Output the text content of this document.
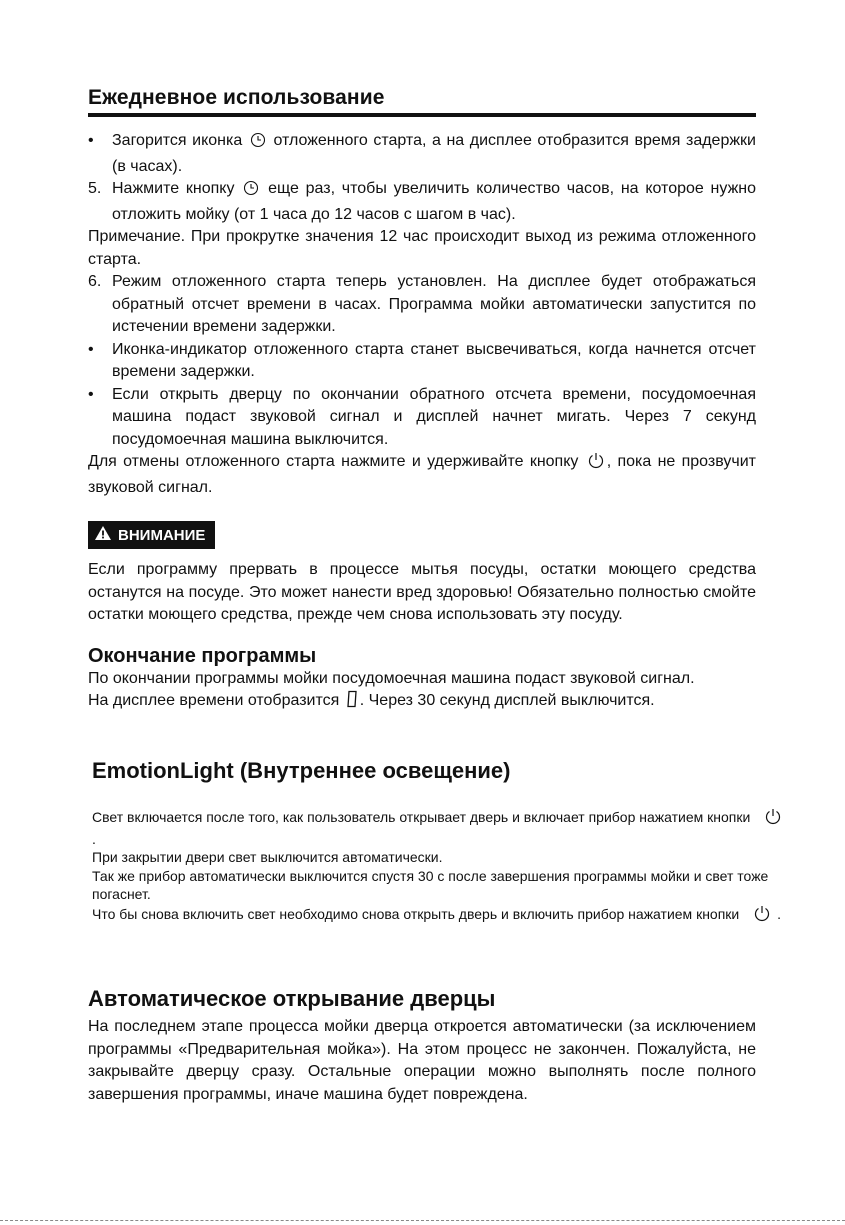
Ежедневное использование
•	Загорится иконка отложенного старта, а на дисплее отобразится время задержки (в часах).
5. Нажмите кнопку еще раз, чтобы увеличить количество часов, на которое нужно отложить мойку (от 1 часа до 12 часов с шагом в час).

Примечание. При прокрутке значения 12 час происходит выход из режима отложенного старта.

6. Режим отложенного старта теперь установлен. На дисплее будет отображаться обратный отсчет времени в часах. Программа мойки автоматически запустится по истечении времени задержки.
•	Иконка-индикатор отложенного старта станет высвечиваться, когда начнется отсчет времени задержки.
•	Если открыть дверцу по окончании обратного отсчета времени, посудомоечная машина подаст звуковой сигнал и дисплей начнет мигать. Через 7 секунд посудомоечная машина выключится.

Для отмены отложенного старта нажмите и удерживайте кнопку , пока не прозвучит звуковой сигнал.

ВНИМАНИЕ

Если программу прервать в процессе мытья посуды, остатки моющего средства останутся на посуде. Это может нанести вред здоровью! Обязательно полностью смойте остатки моющего средства, прежде чем снова использовать эту посуду.

Окончание программы

По окончании программы мойки посудомоечная машина подаст звуковой сигнал.

На дисплее времени отобразится . Через 30 секунд дисплей выключится.

EmotionLight (Внутреннее освещение)

Свет включается после того, как пользователь открывает дверь и включает прибор нажатием кнопки .

При закрытии двери свет выключится автоматически.

Так же прибор автоматически выключится спустя 30 с после завершения программы мойки и свет тоже погаснет.

Что бы снова включить свет необходимо снова открыть дверь и включить прибор нажатием кнопки	.

Автоматическое открывание дверцы

На последнем этапе процесса мойки дверца откроется автоматически (за исключением программы «Предварительная мойка»). На этом процесс не закончен. Пожалуйста, не закрывайте дверцу сразу. Остальные операции можно выполнять после полного завершения программы, иначе машина будет повреждена.
